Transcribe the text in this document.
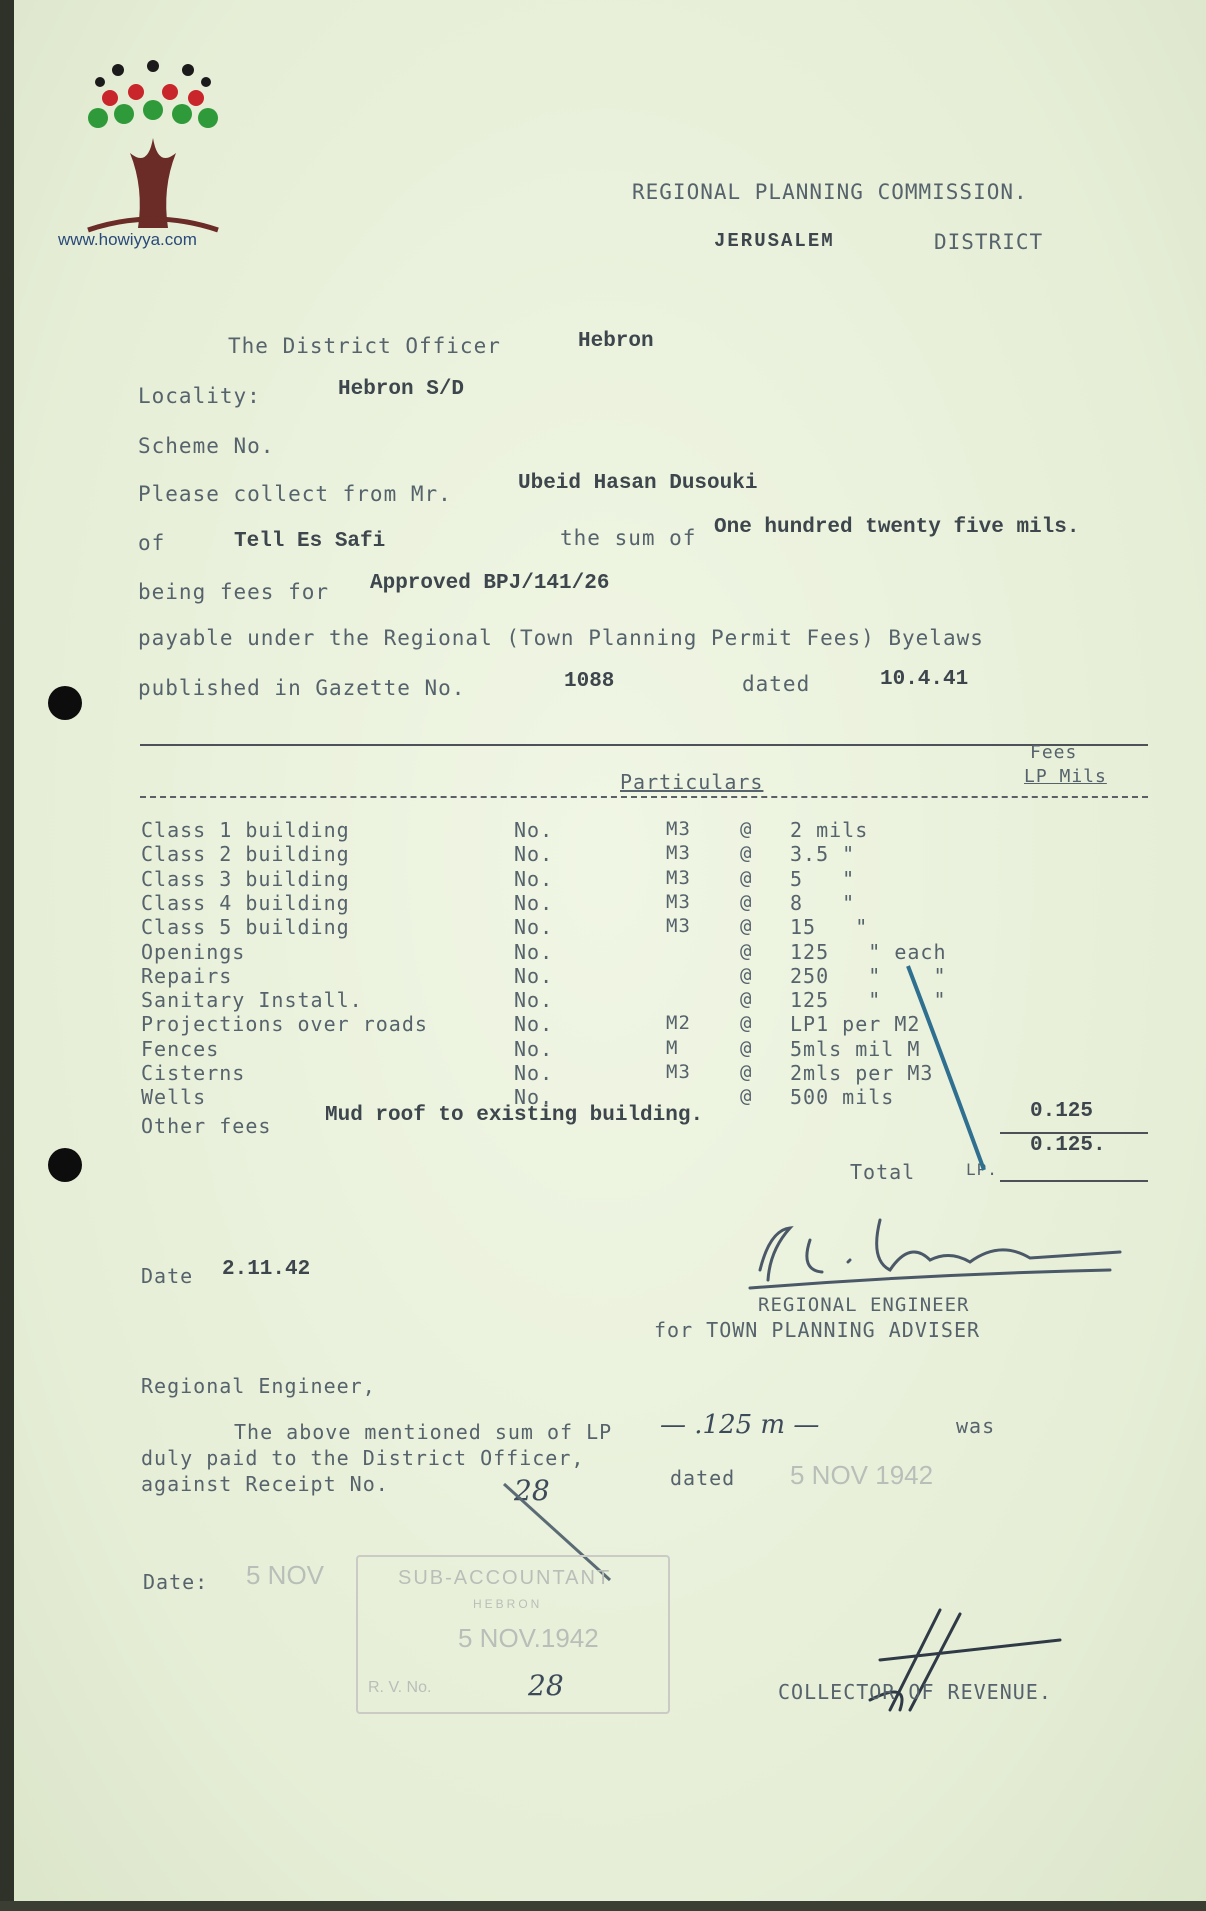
www.howiyya.com
REGIONAL PLANNING COMMISSION.
JERUSALEM	DISTRICT
The District Officer	Hebron
Locality:	Hebron S/D
Scheme No.
Please collect from Mr.	Ubeid Hasan Dusouki
of	Tell Es Safi	the sum of One hundred twenty five mils.
being fees for Approved BPJ/141/26
payable under the Regional (Town Planning Permit Fees) Byelaws
published in Gazette No.	1088	dated	10.4.41
Fees
Particulars	LP Mils
Class 1 building	No.	M3	@ 2 mils
Class 2 building	No.	M3	@ 3.5 "
Class 3 building	No.	M3	@ 5   "
Class 4 building	No.	M3	@ 8   "
Class 5 building	No.	M3	@ 15   "
Openings	No.	@ 125   " each
Repairs	No.	@ 250   "    "
Sanitary Install.	No.	@ 125   "    "
Projections over roads	No.	M2	@ LP1 per M2
Fences	No.	M	@ 5mls mil M
Cisterns	No.	M3	@ 2mls per M3
Wells	No.	@ 500 mils
Other fees	Mud roof to existing building.	0.125
0.125.
Total	LP.
Date 2.11.42
REGIONAL ENGINEER
for TOWN PLANNING ADVISER
Regional Engineer,
The above mentioned sum of LP — .125 m —	was
duly paid to the District Officer,
against Receipt No.	28	dated 5 NOV 1942
Date: 5 NOV	SUB-ACCOUNTANT
HEBRON
5 NOV.1942
R. V. No.	28	COLLECTOR OF REVENUE.
